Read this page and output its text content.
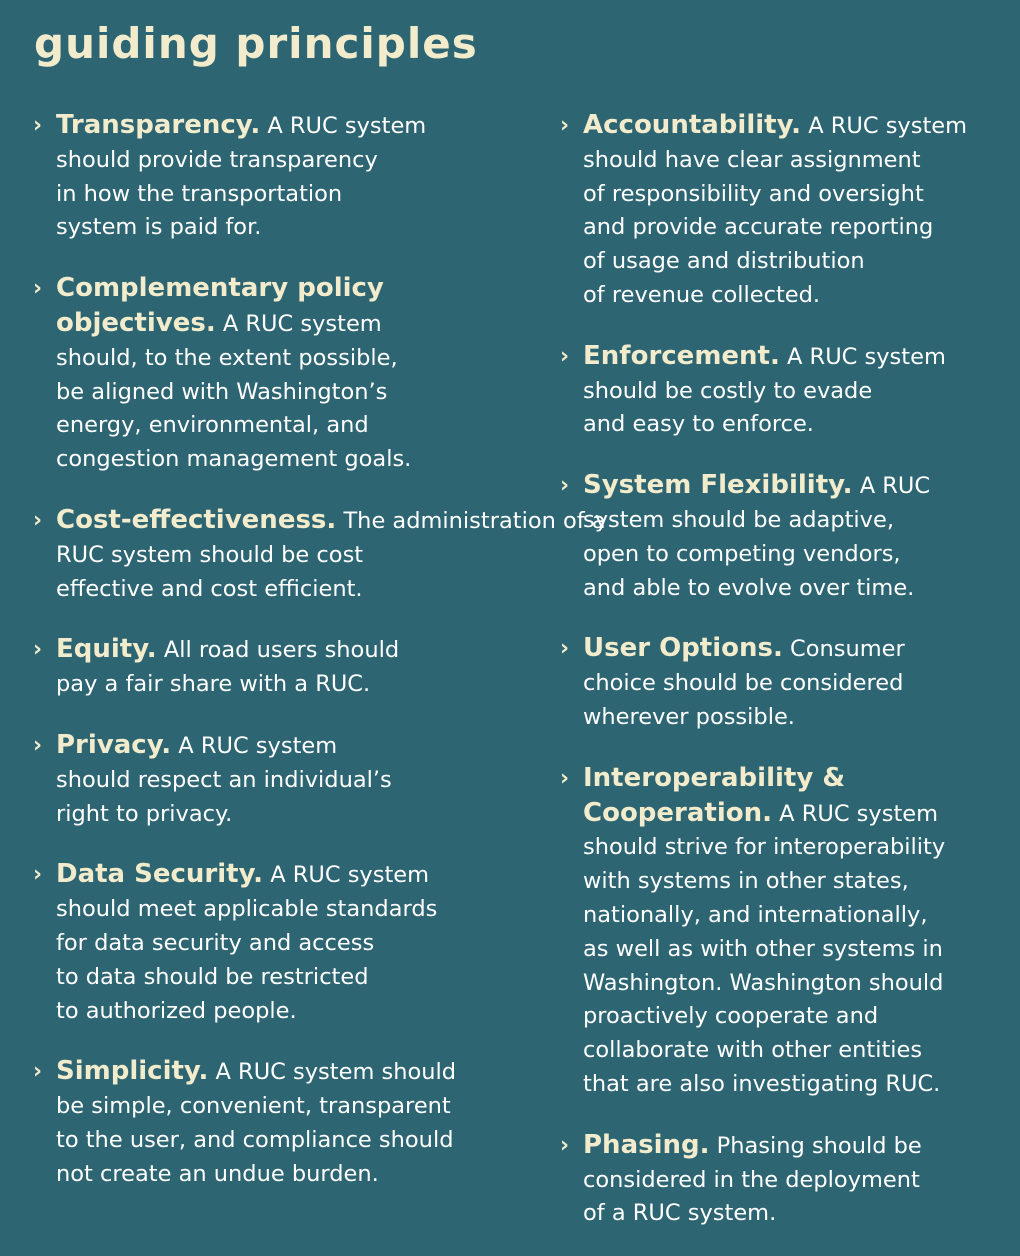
guiding principles
› Transparency. A RUC system
should provide transparency
in how the transportation
system is paid for.
› Complementary policy
objectives. A RUC system
should, to the extent possible,
be aligned with Washington’s
energy, environmental, and
congestion management goals.
› Cost-effectiveness. The administration of a
RUC system should be cost
effective and cost efficient.
› Equity. All road users should
pay a fair share with a RUC.
› Privacy. A RUC system
should respect an individual’s
right to privacy.
› Data Security. A RUC system
should meet applicable standards
for data security and access
to data should be restricted
to authorized people.
› Simplicity. A RUC system should
be simple, convenient, transparent
to the user, and compliance should
not create an undue burden.
› Accountability. A RUC system
should have clear assignment
of responsibility and oversight
and provide accurate reporting
of usage and distribution
of revenue collected.
› Enforcement. A RUC system
should be costly to evade
and easy to enforce.
› System Flexibility. A RUC
system should be adaptive,
open to competing vendors,
and able to evolve over time.
› User Options. Consumer
choice should be considered
wherever possible.
› Interoperability &
Cooperation. A RUC system
should strive for interoperability
with systems in other states,
nationally, and internationally,
as well as with other systems in
Washington. Washington should
proactively cooperate and
collaborate with other entities
that are also investigating RUC.
› Phasing. Phasing should be
considered in the deployment
of a RUC system.
